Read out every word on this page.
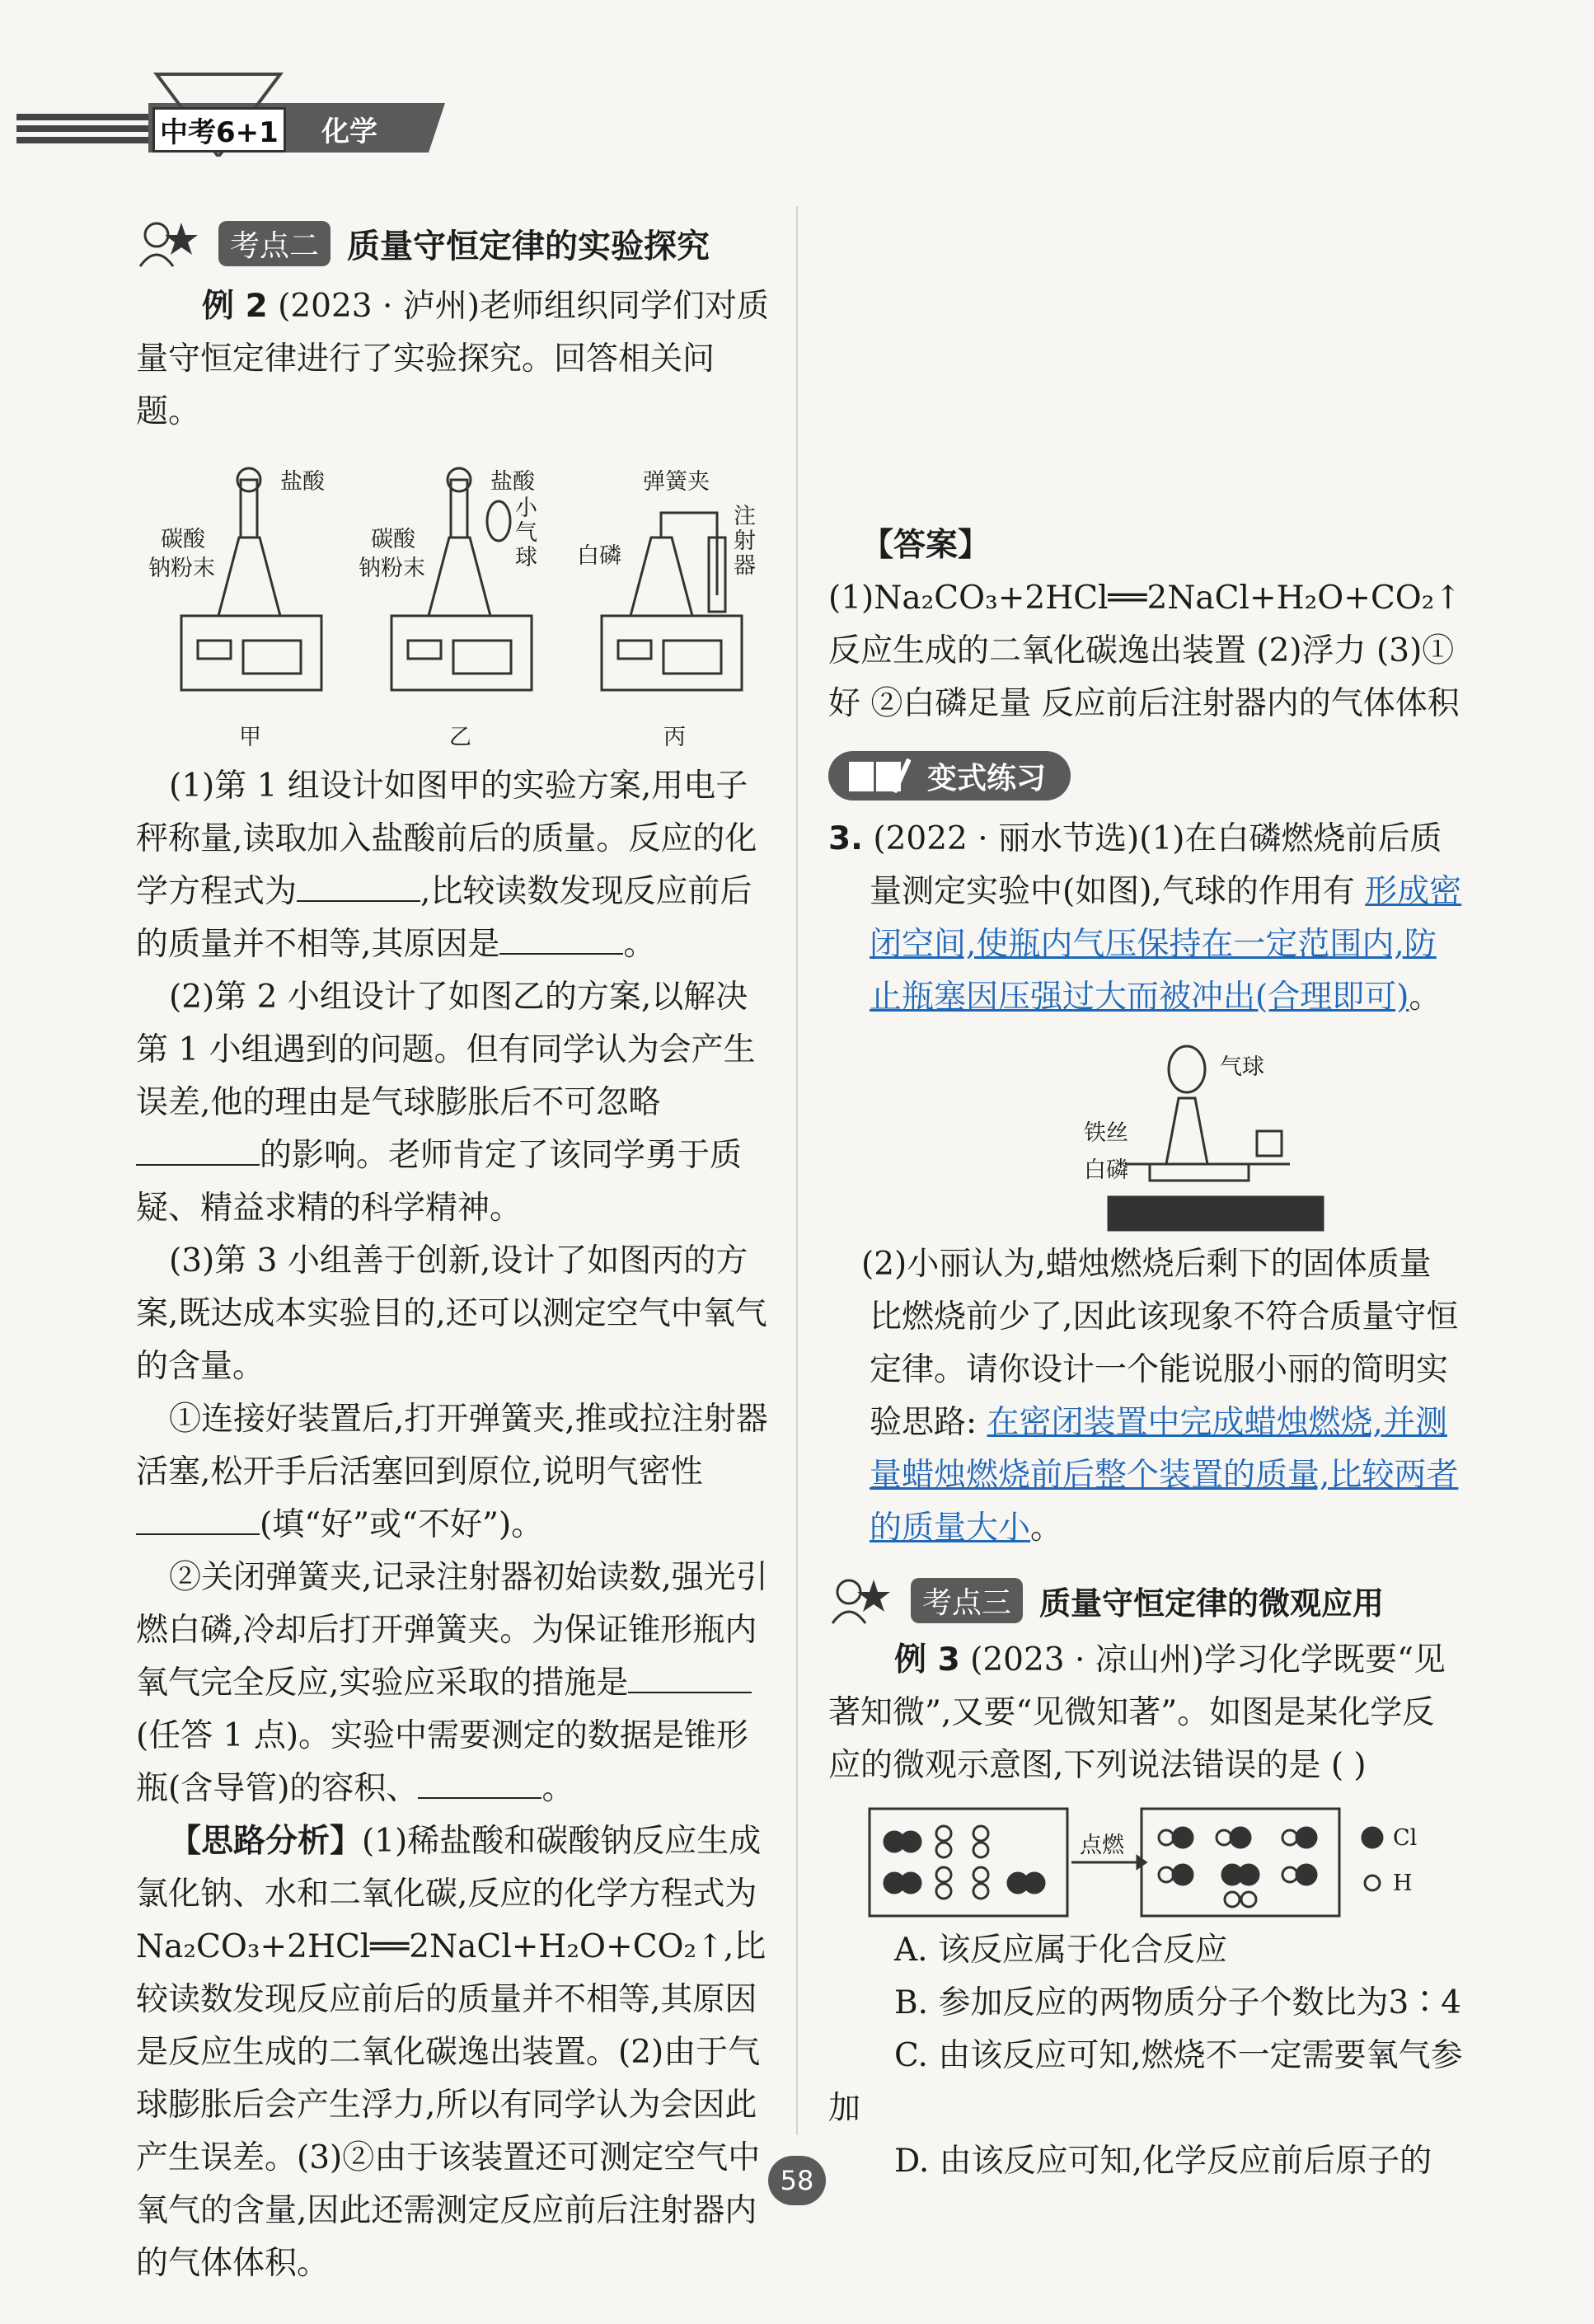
中考6+1 化学
考点二 质量守恒定律的实验探究
例 2 (2023 · 泸州)老师组织同学们对质量守恒定律进行了实验探究。回答相关问题。
盐酸
碳酸
钠粉末
盐酸
小气球
碳酸
钠粉末
弹簧夹
注射器
白磷
甲	乙	丙
(1)第 1 组设计如图甲的实验方案,用电子秤称量,读取加入盐酸前后的质量。反应的化学方程式为	,比较读数发现反应前后的质量并不相等,其原因是	。
(2)第 2 小组设计了如图乙的方案,以解决第 1 小组遇到的问题。但有同学认为会产生误差,他的理由是气球膨胀后不可忽略的影响。老师肯定了该同学勇于质疑、精益求精的科学精神。
(3)第 3 小组善于创新,设计了如图丙的方案,既达成本实验目的,还可以测定空气中氧气的含量。
①连接好装置后,打开弹簧夹,推或拉注射器活塞,松开手后活塞回到原位,说明气密性(填“好”或“不好”)。
②关闭弹簧夹,记录注射器初始读数,强光引燃白磷,冷却后打开弹簧夹。为保证锥形瓶内氧气完全反应,实验应采取的措施是(任答 1 点)。实验中需要测定的数据是锥形瓶(含导管)的容积、	。
【思路分析】(1)稀盐酸和碳酸钠反应生成氯化钠、水和二氧化碳,反应的化学方程式为 Na₂CO₃+2HCl══2NaCl+H₂O+CO₂↑,比较读数发现反应前后的质量并不相等,其原因是反应生成的二氧化碳逸出装置。(2)由于气球膨胀后会产生浮力,所以有同学认为会因此产生误差。(3)②由于该装置还可测定空气中氧气的含量,因此还需测定反应前后注射器内的气体体积。
【答案】(1)Na₂CO₃+2HCl══2NaCl+H₂O+CO₂↑ 反应生成的二氧化碳逸出装置 (2)浮力 (3)①好 ②白磷足量 反应前后注射器内的气体体积
变式练习
3. (2022 · 丽水节选)(1)在白磷燃烧前后质量测定实验中(如图),气球的作用有 形成密闭空间,使瓶内气压保持在一定范围内,防止瓶塞因压强过大而被冲出(合理即可)。
气球
铁丝
白磷
(2)小丽认为,蜡烛燃烧后剩下的固体质量比燃烧前少了,因此该现象不符合质量守恒定律。请你设计一个能说服小丽的简明实验思路: 在密闭装置中完成蜡烛燃烧,并测量蜡烛燃烧前后整个装置的质量,比较两者的质量大小。
考点三 质量守恒定律的微观应用
例 3 (2023 · 凉山州)学习化学既要“见著知微”,又要“见微知著”。如图是某化学反应的微观示意图,下列说法错误的是 ( )
点燃	Cl
H
A. 该反应属于化合反应
B. 参加反应的两物质分子个数比为3∶4
C. 由该反应可知,燃烧不一定需要氧气参加
D. 由该反应可知,化学反应前后原子的
58
